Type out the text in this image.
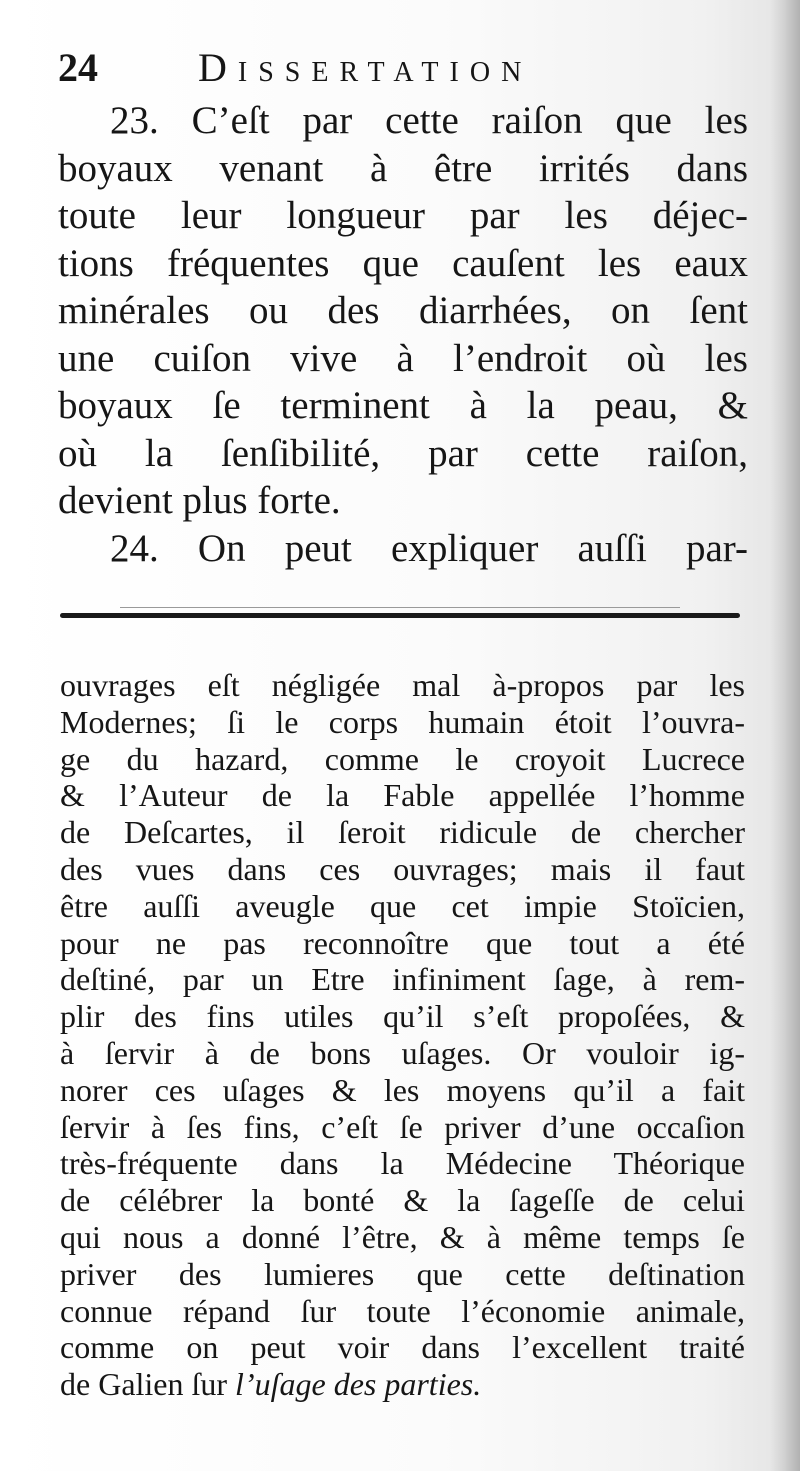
24	Dissertation
23. C’eſt par cette raiſon que les
boyaux venant à être irrités dans
toute leur longueur par les déjec-
tions fréquentes que cauſent les eaux
minérales ou des diarrhées, on ſent
une cuiſon vive à l’endroit où les
boyaux ſe terminent à la peau, &
où la ſenſibilité, par cette raiſon,
devient plus forte.
24. On peut expliquer auſſi par-
ouvrages eſt négligée mal à-propos par les
Modernes; ſi le corps humain étoit l’ouvra-
ge du hazard, comme le croyoit Lucrece
& l’Auteur de la Fable appellée l’homme
de Deſcartes, il ſeroit ridicule de chercher
des vues dans ces ouvrages; mais il faut
être auſſi aveugle que cet impie Stoïcien,
pour ne pas reconnoître que tout a été
deſtiné, par un Etre infiniment ſage, à rem-
plir des fins utiles qu’il s’eſt propoſées, &
à ſervir à de bons uſages. Or vouloir ig-
norer ces uſages & les moyens qu’il a fait
ſervir à ſes fins, c’eſt ſe priver d’une occaſion
très-fréquente dans la Médecine Théorique
de célébrer la bonté & la ſageſſe de celui
qui nous a donné l’être, & à même temps ſe
priver des lumieres que cette deſtination
connue répand ſur toute l’économie animale,
comme on peut voir dans l’excellent traité
de Galien ſur l’uſage des parties.
